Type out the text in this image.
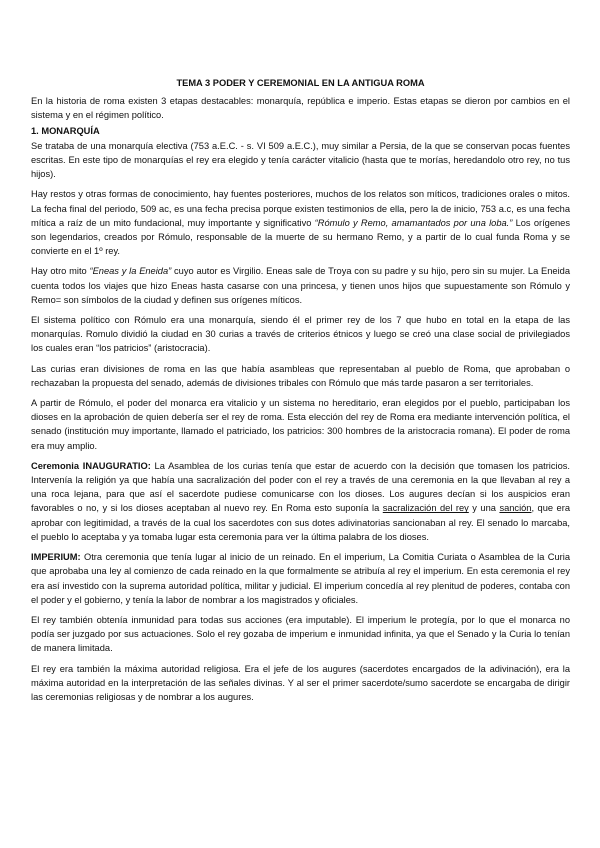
TEMA 3 PODER Y CEREMONIAL EN LA ANTIGUA ROMA

En la historia de roma existen 3 etapas destacables: monarquía, república e imperio. Estas etapas se dieron por cambios en el sistema y en el régimen político.

1. MONARQUÍA

Se trataba de una monarquía electiva (753 a.E.C. - s. VI 509 a.E.C.), muy similar a Persia, de la que se conservan pocas fuentes escritas. En este tipo de monarquías el rey era elegido y tenía carácter vitalicio (hasta que te morías, heredandolo otro rey, no tus hijos).

Hay restos y otras formas de conocimiento, hay fuentes posteriores, muchos de los relatos son míticos, tradiciones orales o mitos. La fecha final del periodo, 509 ac, es una fecha precisa porque existen testimonios de ella, pero la de inicio, 753 a.c, es una fecha mítica a raíz de un mito fundacional, muy importante y significativo “Rómulo y Remo, amamantados por una loba.” Los orígenes son legendarios, creados por Rómulo, responsable de la muerte de su hermano Remo, y a partir de lo cual funda Roma y se convierte en el 1º rey.

Hay otro mito “Eneas y la Eneida” cuyo autor es Virgilio. Eneas sale de Troya con su padre y su hijo, pero sin su mujer. La Eneida cuenta todos los viajes que hizo Eneas hasta casarse con una princesa, y tienen unos hijos que supuestamente son Rómulo y Remo= son símbolos de la ciudad y definen sus orígenes míticos.

El sistema político con Rómulo era una monarquía, siendo él el primer rey de los 7 que hubo en total en la etapa de las monarquías. Romulo dividió la ciudad en 30 curias a través de criterios étnicos y luego se creó una clase social de privilegiados los cuales eran “los patricios” (aristocracia).

Las curias eran divisiones de roma en las que había asambleas que representaban al pueblo de Roma, que aprobaban o rechazaban la propuesta del senado, además de divisiones tribales con Rómulo que más tarde pasaron a ser territoriales.

A partir de Rómulo, el poder del monarca era vitalicio y un sistema no hereditario, eran elegidos por el pueblo, participaban los dioses en la aprobación de quien debería ser el rey de roma. Esta elección del rey de Roma era mediante intervención política, el senado (institución muy importante, llamado el patriciado, los patricios: 300 hombres de la aristocracia romana). El poder de roma era muy amplio.

Ceremonia INAUGURATIO: La Asamblea de los curias tenía que estar de acuerdo con la decisión que tomasen los patricios. Intervenía la religión ya que había una sacralización del poder con el rey a través de una ceremonia en la que llevaban al rey a una roca lejana, para que así el sacerdote pudiese comunicarse con los dioses. Los augures decían si los auspicios eran favorables o no, y si los dioses aceptaban al nuevo rey. En Roma esto suponía la sacralización del rey y una sanción, que era aprobar con legitimidad, a través de la cual los sacerdotes con sus dotes adivinatorias sancionaban al rey. El senado lo marcaba, el pueblo lo aceptaba y ya tomaba lugar esta ceremonia para ver la última palabra de los dioses.

IMPERIUM: Otra ceremonia que tenía lugar al inicio de un reinado. En el imperium, La Comitia Curiata o Asamblea de la Curia que aprobaba una ley al comienzo de cada reinado en la que formalmente se atribuía al rey el imperium. En esta ceremonia el rey era así investido con la suprema autoridad política, militar y judicial. El imperium concedía al rey plenitud de poderes, contaba con el poder y el gobierno, y tenía la labor de nombrar a los magistrados y oficiales.

El rey también obtenía inmunidad para todas sus acciones (era imputable). El imperium le protegía, por lo que el monarca no podía ser juzgado por sus actuaciones. Solo el rey gozaba de imperium e inmunidad infinita, ya que el Senado y la Curia lo tenían de manera limitada.

El rey era también la máxima autoridad religiosa. Era el jefe de los augures (sacerdotes encargados de la adivinación), era la máxima autoridad en la interpretación de las señales divinas. Y al ser el primer sacerdote/sumo sacerdote se encargaba de dirigir las ceremonias religiosas y de nombrar a los augures.
